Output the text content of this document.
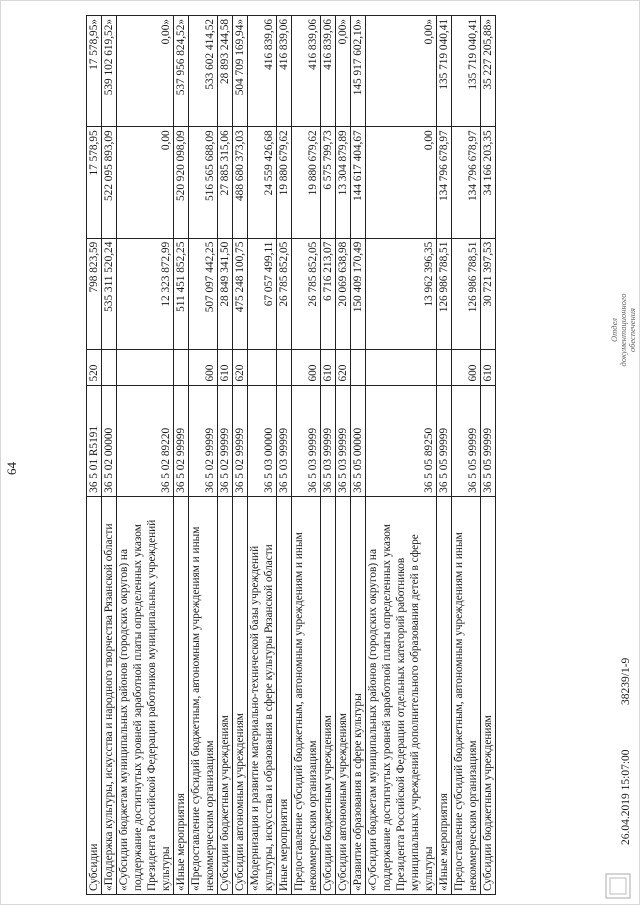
64
Субсидии	36 5 01 R5191	520	798 823,59	17 578,95	17 578,95»
«Поддержка культуры, искусства и народного творчества Рязанской области	36 5 02 00000		535 311 520,24	522 095 893,09	539 102 619,52»
«Субсидии бюджетам муниципальных районов (городских округов) на поддержание достигнутых уровней заработной платы определенных указом Президента Российской Федерации работников муниципальных учреждений культуры	36 5 02 89220		12 323 872,99	0,00	0,00»
«Иные мероприятия	36 5 02 99999		511 451 852,25	520 920 098,09	537 956 824,52»
«Предоставление субсидий бюджетным, автономным учреждениям и иным некоммерческим организациям	36 5 02 99999	600	507 097 442,25	516 565 688,09	533 602 414,52
Субсидии бюджетным учреждениям	36 5 02 99999	610	28 849 341,50	27 885 315,06	28 893 244,58
Субсидии автономным учреждениям	36 5 02 99999	620	475 248 100,75	488 680 373,03	504 709 169,94»
«Модернизация и развитие материально-технической базы учреждений культуры, искусства и образования в сфере культуры Рязанской области	36 5 03 00000		67 057 499,11	24 559 426,68	416 839,06
Иные мероприятия	36 5 03 99999		26 785 852,05	19 880 679,62	416 839,06
Предоставление субсидий бюджетным, автономным учреждениям и иным некоммерческим организациям	36 5 03 99999	600	26 785 852,05	19 880 679,62	416 839,06
Субсидии бюджетным учреждениям	36 5 03 99999	610	6 716 213,07	6 575 799,73	416 839,06
Субсидии автономным учреждениям	36 5 03 99999	620	20 069 638,98	13 304 879,89	0,00»
«Развитие образования в сфере культуры	36 5 05 00000		150 409 170,49	144 617 404,67	145 917 602,10»
«Субсидии бюджетам муниципальных районов (городских округов) на поддержание достигнутых уровней заработной платы определенных указом Президента Российской Федерации отдельных категорий работников муниципальных учреждений дополнительного образования детей в сфере культуры	36 5 05 89250		13 962 396,35	0,00	0,00»
«Иные мероприятия	36 5 05 99999		126 986 788,51	134 796 678,97	135 719 040,41
Предоставление субсидий бюджетным, автономным учреждениям и иным некоммерческим организациям	36 5 05 99999	600	126 986 788,51	134 796 678,97	135 719 040,41
Субсидии бюджетным учреждениям	36 5 05 99999	610	30 721 397,53	34 166 203,35	35 227 205,88»
26.04.2019 15:07:00
38239/1-9
Отдел документационного обеспечения
